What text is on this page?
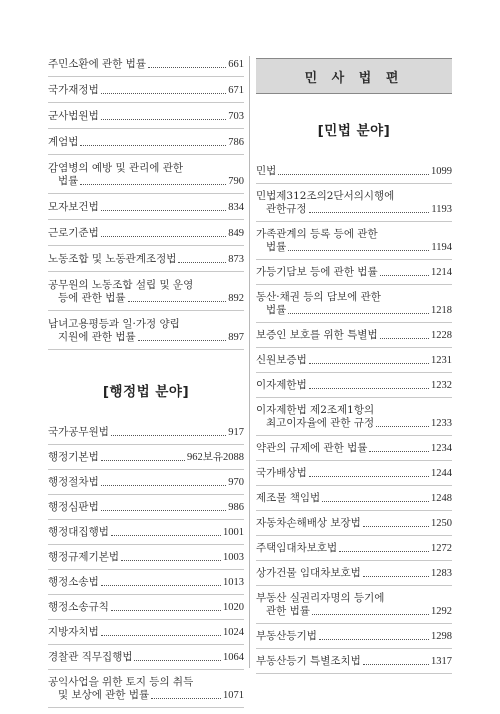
주민소환에 관한 법률	661
국가재정법	671
군사법원법	703
계엄법	786
감염병의 예방 및 관리에 관한
법률	790
모자보건법	834
근로기준법	849
노동조합 및 노동관계조정법	873
공무원의 노동조합 설립 및 운영
등에 관한 법률	892
남녀고용평등과 일·가정 양립
지원에 관한 법률	897
[행정법 분야]
국가공무원법	917
행정기본법	962보유2088
행정절차법	970
행정심판법	986
행정대집행법	1001
행정규제기본법	1003
행정소송법	1013
행정소송규칙	1020
지방자치법	1024
경찰관 직무집행법	1064
공익사업을 위한 토지 등의 취득
및 보상에 관한 법률	1071
민 사 법 편
[민법 분야]
민법	1099
민법제312조의2단서의시행에
관한규정	1193
가족관계의 등록 등에 관한
법률	1194
가등기담보 등에 관한 법률	1214
동산·채권 등의 담보에 관한
법률	1218
보증인 보호를 위한 특별법	1228
신원보증법	1231
이자제한법	1232
이자제한법 제2조제1항의
최고이자율에 관한 규정	1233
약관의 규제에 관한 법률	1234
국가배상법	1244
제조물 책임법	1248
자동차손해배상 보장법	1250
주택임대차보호법	1272
상가건물 임대차보호법	1283
부동산 실권리자명의 등기에
관한 법률	1292
부동산등기법	1298
부동산등기 특별조치법	1317
